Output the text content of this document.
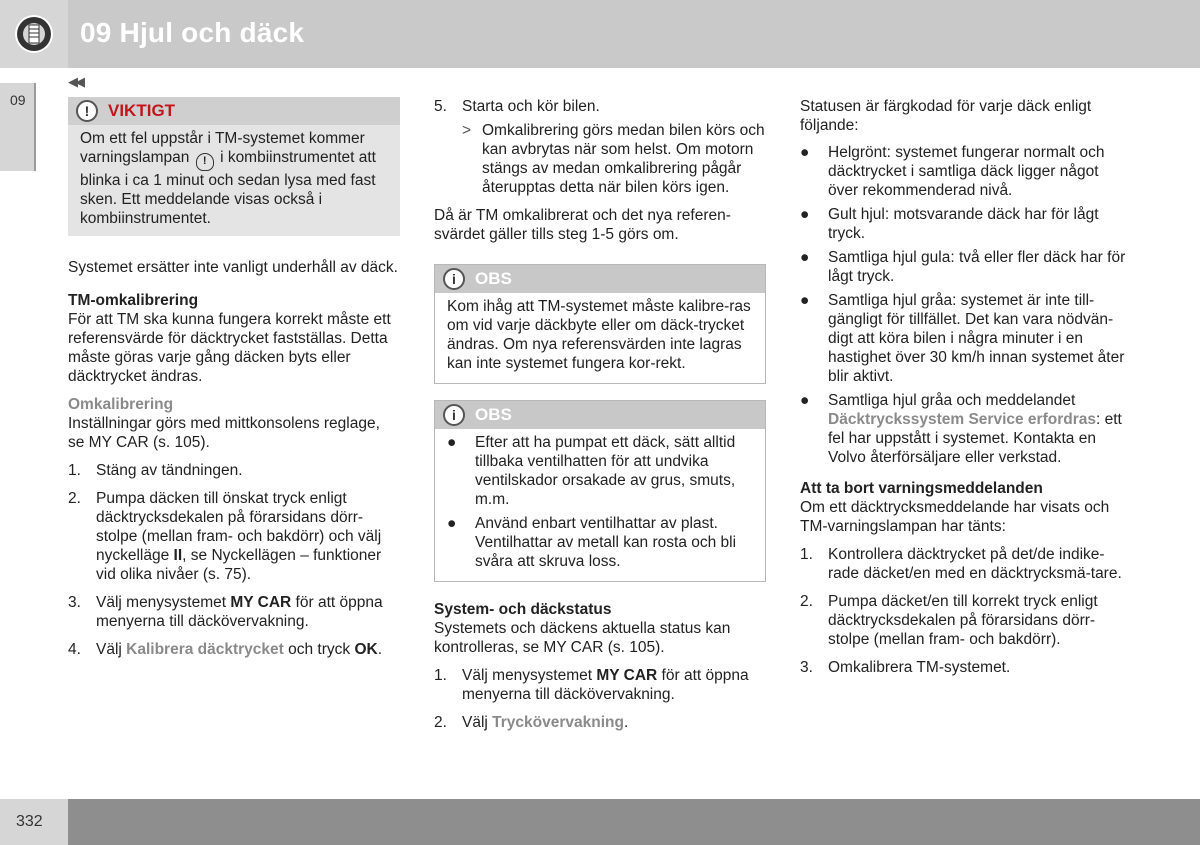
09 Hjul och däck
09
◀◀
!	VIKTIGT
Om ett fel uppstår i TM-systemet kommer varningslampan ! i kombiinstrumentet att blinka i ca 1 minut och sedan lysa med fast sken. Ett meddelande visas också i kombiinstrumentet.

Systemet ersätter inte vanligt underhåll av däck.

TM-omkalibrering

För att TM ska kunna fungera korrekt måste ett referensvärde för däcktrycket fastställas. Detta måste göras varje gång däcken byts eller däcktrycket ändras.

Omkalibrering

Inställningar görs med mittkonsolens reglage, se MY CAR (s. 105).

1. Stäng av tändningen.
2. Pumpa däcken till önskat tryck enligt däcktrycksdekalen på förarsidans dörr-stolpe (mellan fram- och bakdörr) och välj nyckelläge II, se Nyckellägen – funktioner vid olika nivåer (s. 75).
3. Välj menysystemet MY CAR för att öppna menyerna till däckövervakning.
4. Välj Kalibrera däcktrycket och tryck OK.
5. Starta och kör bilen.
> Omkalibrering görs medan bilen körs och kan avbrytas när som helst. Om motorn stängs av medan omkalibrering pågår återupptas detta när bilen körs igen.

Då är TM omkalibrerat och det nya referen-svärdet gäller tills steg 1-5 görs om.

i	OBS
Kom ihåg att TM-systemet måste kalibre-ras om vid varje däckbyte eller om däck-trycket ändras. Om nya referensvärden inte lagras kan inte systemet fungera kor-rekt.
i	OBS
● Efter att ha pumpat ett däck, sätt alltid tillbaka ventilhatten för att undvika ventilskador orsakade av grus, smuts, m.m.
● Använd enbart ventilhattar av plast. Ventilhattar av metall kan rosta och bli svåra att skruva loss.

System- och däckstatus

Systemets och däckens aktuella status kan kontrolleras, se MY CAR (s. 105).

1. Välj menysystemet MY CAR för att öppna menyerna till däckövervakning.
2. Välj Tryckövervakning.

Statusen är färgkodad för varje däck enligt följande:

● Helgrönt: systemet fungerar normalt och däcktrycket i samtliga däck ligger något över rekommenderad nivå.
● Gult hjul: motsvarande däck har för lågt tryck.
● Samtliga hjul gula: två eller fler däck har för lågt tryck.
● Samtliga hjul gråa: systemet är inte till-gängligt för tillfället. Det kan vara nödvän-digt att köra bilen i några minuter i en hastighet över 30 km/h innan systemet åter blir aktivt.
● Samtliga hjul gråa och meddelandet Däcktryckssystem Service erfordras: ett fel har uppstått i systemet. Kontakta en Volvo återförsäljare eller verkstad.

Att ta bort varningsmeddelanden

Om ett däcktrycksmeddelande har visats och TM-varningslampan har tänts:

1. Kontrollera däcktrycket på det/de indike-rade däcket/en med en däcktrycksmä-tare.
2. Pumpa däcket/en till korrekt tryck enligt däcktrycksdekalen på förarsidans dörr-stolpe (mellan fram- och bakdörr).
3. Omkalibrera TM-systemet.
332
